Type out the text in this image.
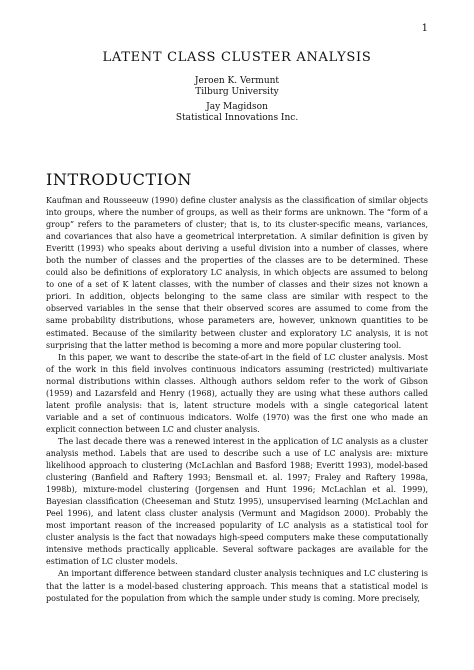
1
LATENT CLASS CLUSTER ANALYSIS
Jeroen K. Vermunt
Tilburg University
Jay Magidson
Statistical Innovations Inc.
INTRODUCTION

Kaufman and Rousseeuw (1990) define cluster analysis as the classification of similar objects into groups, where the number of groups, as well as their forms are unknown. The “form of a group” refers to the parameters of cluster; that is, to its cluster-specific means, variances, and covariances that also have a geometrical interpretation. A similar definition is given by Everitt (1993) who speaks about deriving a useful division into a number of classes, where both the number of classes and the properties of the classes are to be determined. These could also be definitions of exploratory LC analysis, in which objects are assumed to belong to one of a set of K latent classes, with the number of classes and their sizes not known a priori. In addition, objects belonging to the same class are similar with respect to the observed variables in the sense that their observed scores are assumed to come from the same probability distributions, whose parameters are, however, unknown quantities to be estimated. Because of the similarity between cluster and exploratory LC analysis, it is not surprising that the latter method is becoming a more and more popular clustering tool.

In this paper, we want to describe the state-of-art in the field of LC cluster analysis. Most of the work in this field involves continuous indicators assuming (restricted) multivariate normal distributions within classes. Although authors seldom refer to the work of Gibson (1959) and Lazarsfeld and Henry (1968), actually they are using what these authors called latent profile analysis: that is, latent structure models with a single categorical latent variable and a set of continuous indicators. Wolfe (1970) was the first one who made an explicit connection between LC and cluster analysis.

The last decade there was a renewed interest in the application of LC analysis as a cluster analysis method. Labels that are used to describe such a use of LC analysis are: mixture likelihood approach to clustering (McLachlan and Basford 1988; Everitt 1993), model-based clustering (Banfield and Raftery 1993; Bensmail et. al. 1997; Fraley and Raftery 1998a, 1998b), mixture-model clustering (Jorgensen and Hunt 1996; McLachlan et al. 1999), Bayesian classification (Cheeseman and Stutz 1995), unsupervised learning (McLachlan and Peel 1996), and latent class cluster analysis (Vermunt and Magidson 2000). Probably the most important reason of the increased popularity of LC analysis as a statistical tool for cluster analysis is the fact that nowadays high-speed computers make these computationally intensive methods practically applicable. Several software packages are available for the estimation of LC cluster models.

An important difference between standard cluster analysis techniques and LC clustering is that the latter is a model-based clustering approach. This means that a statistical model is postulated for the population from which the sample under study is coming. More precisely,
